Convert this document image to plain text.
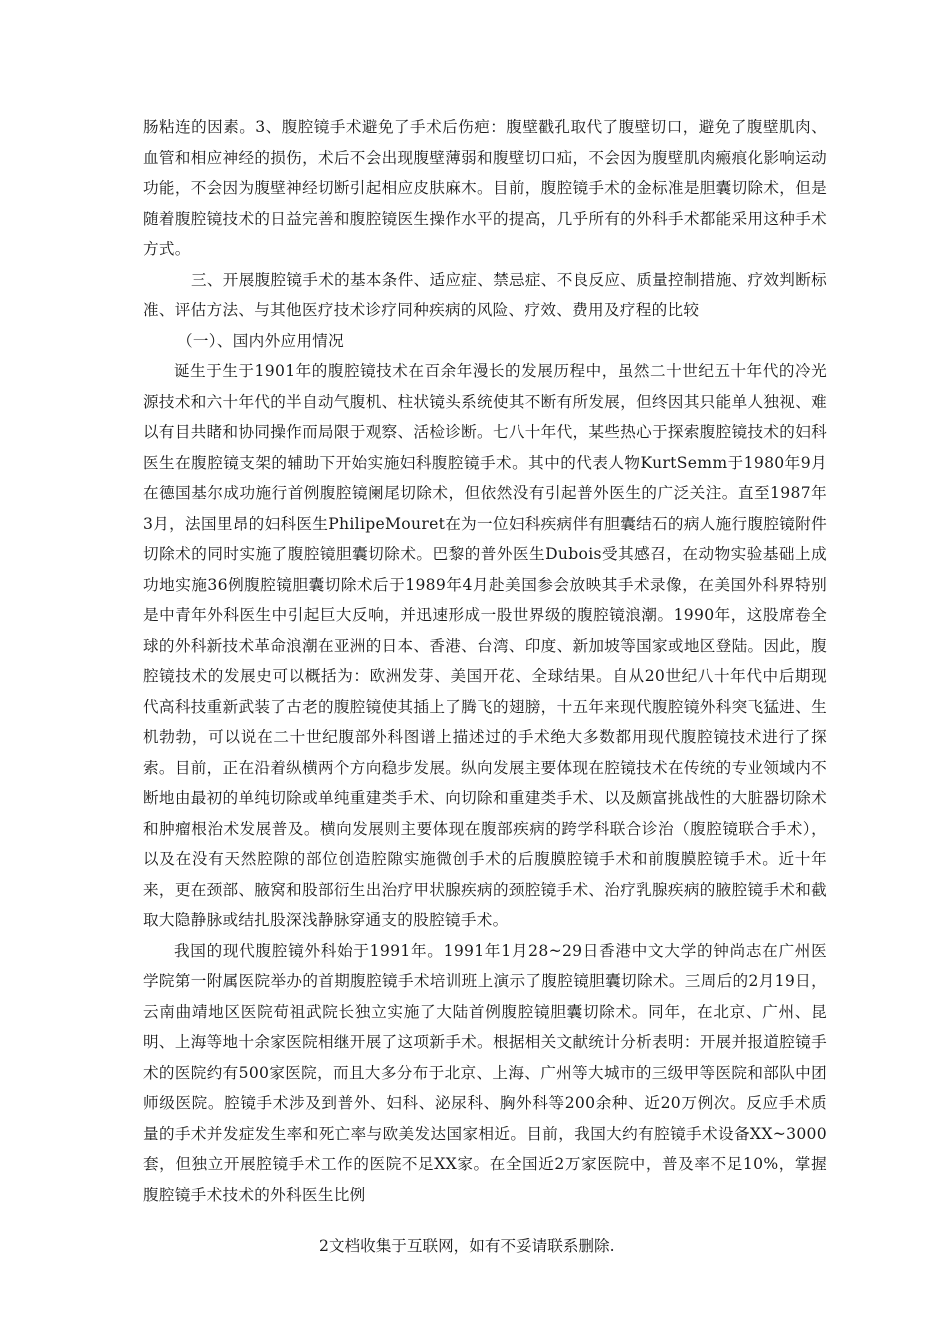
肠粘连的因素。3、腹腔镜手术避免了手术后伤疤：腹壁戳孔取代了腹壁切口，避免了腹壁肌肉、血管和相应神经的损伤，术后不会出现腹壁薄弱和腹壁切口疝，不会因为腹壁肌肉瘢痕化影响运动功能，不会因为腹壁神经切断引起相应皮肤麻木。目前，腹腔镜手术的金标准是胆囊切除术，但是随着腹腔镜技术的日益完善和腹腔镜医生操作水平的提高，几乎所有的外科手术都能采用这种手术方式。

三、开展腹腔镜手术的基本条件、适应症、禁忌症、不良反应、质量控制措施、疗效判断标准、评估方法、与其他医疗技术诊疗同种疾病的风险、疗效、费用及疗程的比较

（一）、国内外应用情况

诞生于生于1901年的腹腔镜技术在百余年漫长的发展历程中，虽然二十世纪五十年代的冷光源技术和六十年代的半自动气腹机、柱状镜头系统使其不断有所发展，但终因其只能单人独视、难以有目共睹和协同操作而局限于观察、活检诊断。七八十年代，某些热心于探索腹腔镜技术的妇科医生在腹腔镜支架的辅助下开始实施妇科腹腔镜手术。其中的代表人物KurtSemm于1980年9月在德国基尔成功施行首例腹腔镜阑尾切除术，但依然没有引起普外医生的广泛关注。直至1987年3月，法国里昂的妇科医生PhilipeMouret在为一位妇科疾病伴有胆囊结石的病人施行腹腔镜附件切除术的同时实施了腹腔镜胆囊切除术。巴黎的普外医生Dubois受其感召，在动物实验基础上成功地实施36例腹腔镜胆囊切除术后于1989年4月赴美国参会放映其手术录像，在美国外科界特别是中青年外科医生中引起巨大反响，并迅速形成一股世界级的腹腔镜浪潮。1990年，这股席卷全球的外科新技术革命浪潮在亚洲的日本、香港、台湾、印度、新加坡等国家或地区登陆。因此，腹腔镜技术的发展史可以概括为：欧洲发芽、美国开花、全球结果。自从20世纪八十年代中后期现代高科技重新武装了古老的腹腔镜使其插上了腾飞的翅膀，十五年来现代腹腔镜外科突飞猛进、生机勃勃，可以说在二十世纪腹部外科图谱上描述过的手术绝大多数都用现代腹腔镜技术进行了探索。目前，正在沿着纵横两个方向稳步发展。纵向发展主要体现在腔镜技术在传统的专业领域内不断地由最初的单纯切除或单纯重建类手术、向切除和重建类手术、以及颇富挑战性的大脏器切除术和肿瘤根治术发展普及。横向发展则主要体现在腹部疾病的跨学科联合诊治（腹腔镜联合手术），以及在没有天然腔隙的部位创造腔隙实施微创手术的后腹膜腔镜手术和前腹膜腔镜手术。近十年来，更在颈部、腋窝和股部衍生出治疗甲状腺疾病的颈腔镜手术、治疗乳腺疾病的腋腔镜手术和截取大隐静脉或结扎股深浅静脉穿通支的股腔镜手术。

我国的现代腹腔镜外科始于1991年。1991年1月28~29日香港中文大学的钟尚志在广州医学院第一附属医院举办的首期腹腔镜手术培训班上演示了腹腔镜胆囊切除术。三周后的2月19日，云南曲靖地区医院荀祖武院长独立实施了大陆首例腹腔镜胆囊切除术。同年，在北京、广州、昆明、上海等地十余家医院相继开展了这项新手术。根据相关文献统计分析表明：开展并报道腔镜手术的医院约有500家医院，而且大多分布于北京、上海、广州等大城市的三级甲等医院和部队中团师级医院。腔镜手术涉及到普外、妇科、泌尿科、胸外科等200余种、近20万例次。反应手术质量的手术并发症发生率和死亡率与欧美发达国家相近。目前，我国大约有腔镜手术设备XX~3000套，但独立开展腔镜手术工作的医院不足XX家。在全国近2万家医院中，普及率不足10%，掌握腹腔镜手术技术的外科医生比例

2文档收集于互联网，如有不妥请联系删除.
